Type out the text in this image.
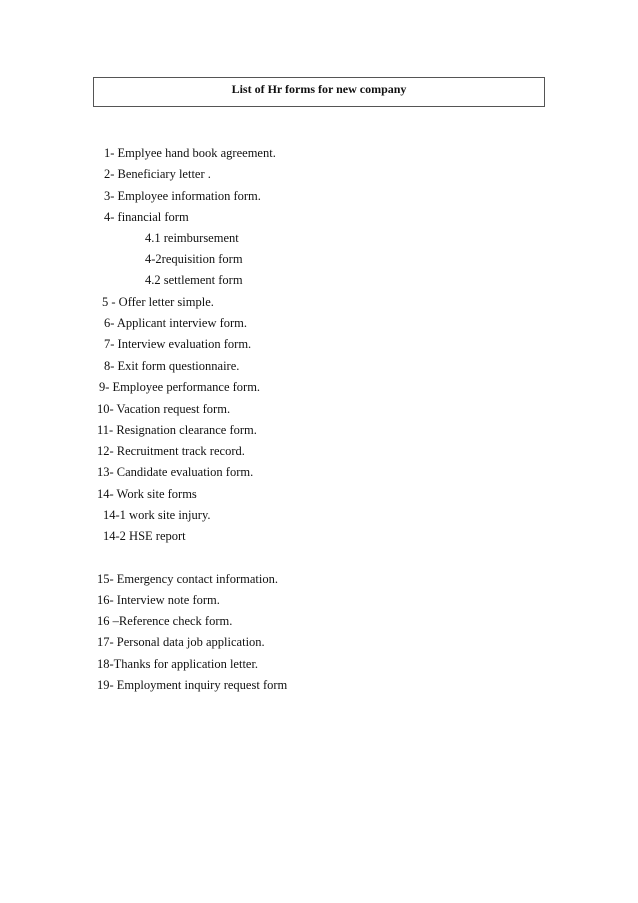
List of Hr forms for new company
1- Emplyee hand book agreement.
2- Beneficiary letter .
3- Employee information form.
4- financial form
4.1 reimbursement
4-2requisition form
4.2 settlement form
5 - Offer letter simple.
6- Applicant interview form.
7- Interview evaluation form.
8- Exit form questionnaire.
9- Employee performance form.
10- Vacation request form.
11- Resignation clearance form.
12- Recruitment track record.
13- Candidate evaluation form.
14- Work site forms
14-1 work site injury.
14-2 HSE report
15- Emergency contact information.
16- Interview note form.
16 –Reference check form.
17- Personal data job application.
18-Thanks for application letter.
19- Employment inquiry request form
